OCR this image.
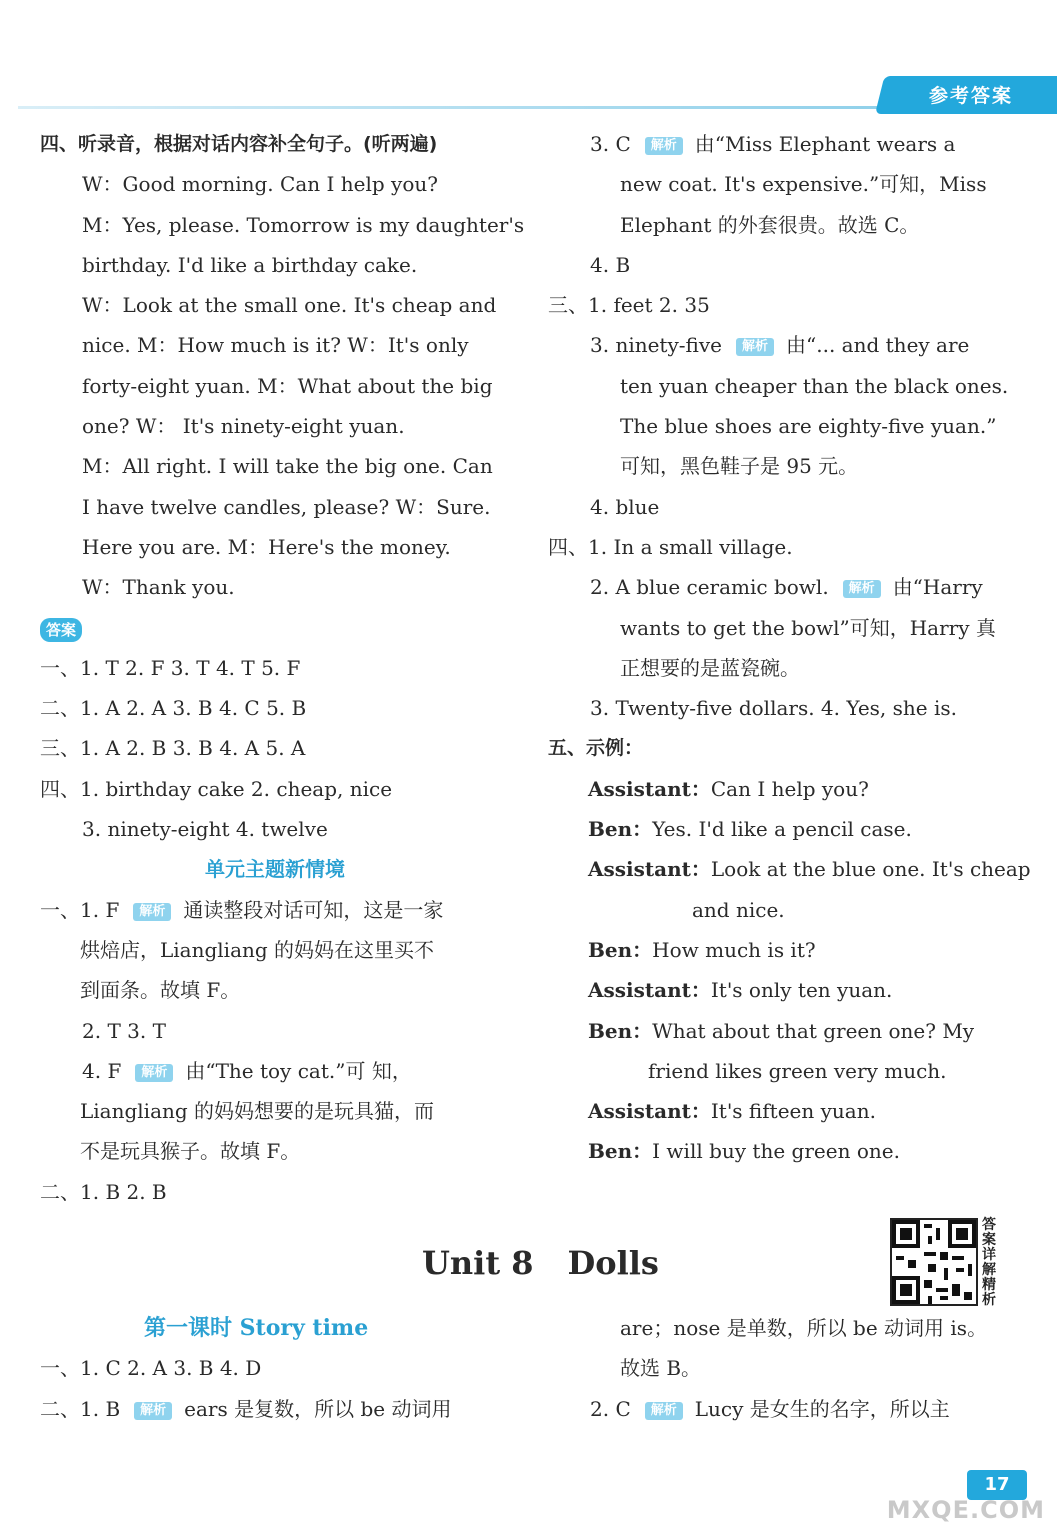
参考答案
四、听录音，根据对话内容补全句子。(听两遍)
W：Good morning. Can I help you?
M：Yes, please. Tomorrow is my daughter's
birthday. I'd like a birthday cake.
W：Look at the small one. It's cheap and
nice. M：How much is it? W：It's only
forty-eight yuan. M：What about the big
one? W： It's ninety-eight yuan.
M：All right. I will take the big one. Can
I have twelve candles, please? W：Sure.
Here you are. M：Here's the money.
W：Thank you.
答案
一、1. T 2. F 3. T 4. T 5. F
二、1. A 2. A 3. B 4. C 5. B
三、1. A 2. B 3. B 4. A 5. A
四、1. birthday cake 2. cheap, nice
3. ninety-eight 4. twelve
单元主题新情境
一、1. F 解析 通读整段对话可知，这是一家
烘焙店，Liangliang 的妈妈在这里买不
到面条。故填 F。
2. T 3. T
4. F 解析 由“The toy cat.”可 知，
Liangliang 的妈妈想要的是玩具猫，而
不是玩具猴子。故填 F。
二、1. B 2. B
3. C 解析 由“Miss Elephant wears a
new coat. It's expensive.”可知，Miss
Elephant 的外套很贵。故选 C。
4. B
三、1. feet 2. 35
3. ninety-five 解析 由“... and they are
ten yuan cheaper than the black ones.
The blue shoes are eighty-five yuan.”
可知，黑色鞋子是 95 元。
4. blue
四、1. In a small village.
2. A blue ceramic bowl. 解析 由“Harry
wants to get the bowl”可知，Harry 真
正想要的是蓝瓷碗。
3. Twenty-five dollars. 4. Yes, she is.
五、示例：
Assistant：Can I help you?
Ben：Yes. I'd like a pencil case.
Assistant：Look at the blue one. It's cheap
and nice.
Ben：How much is it?
Assistant：It's only ten yuan.
Ben：What about that green one? My
friend likes green very much.
Assistant：It's fifteen yuan.
Ben：I will buy the green one.
答案详解精析
Unit 8 Dolls
第一课时 Story time
一、1. C 2. A 3. B 4. D
二、1. B 解析 ears 是复数，所以 be 动词用
are；nose 是单数，所以 be 动词用 is。
故选 B。
2. C 解析 Lucy 是女生的名字，所以主
17
MXQE.COM
